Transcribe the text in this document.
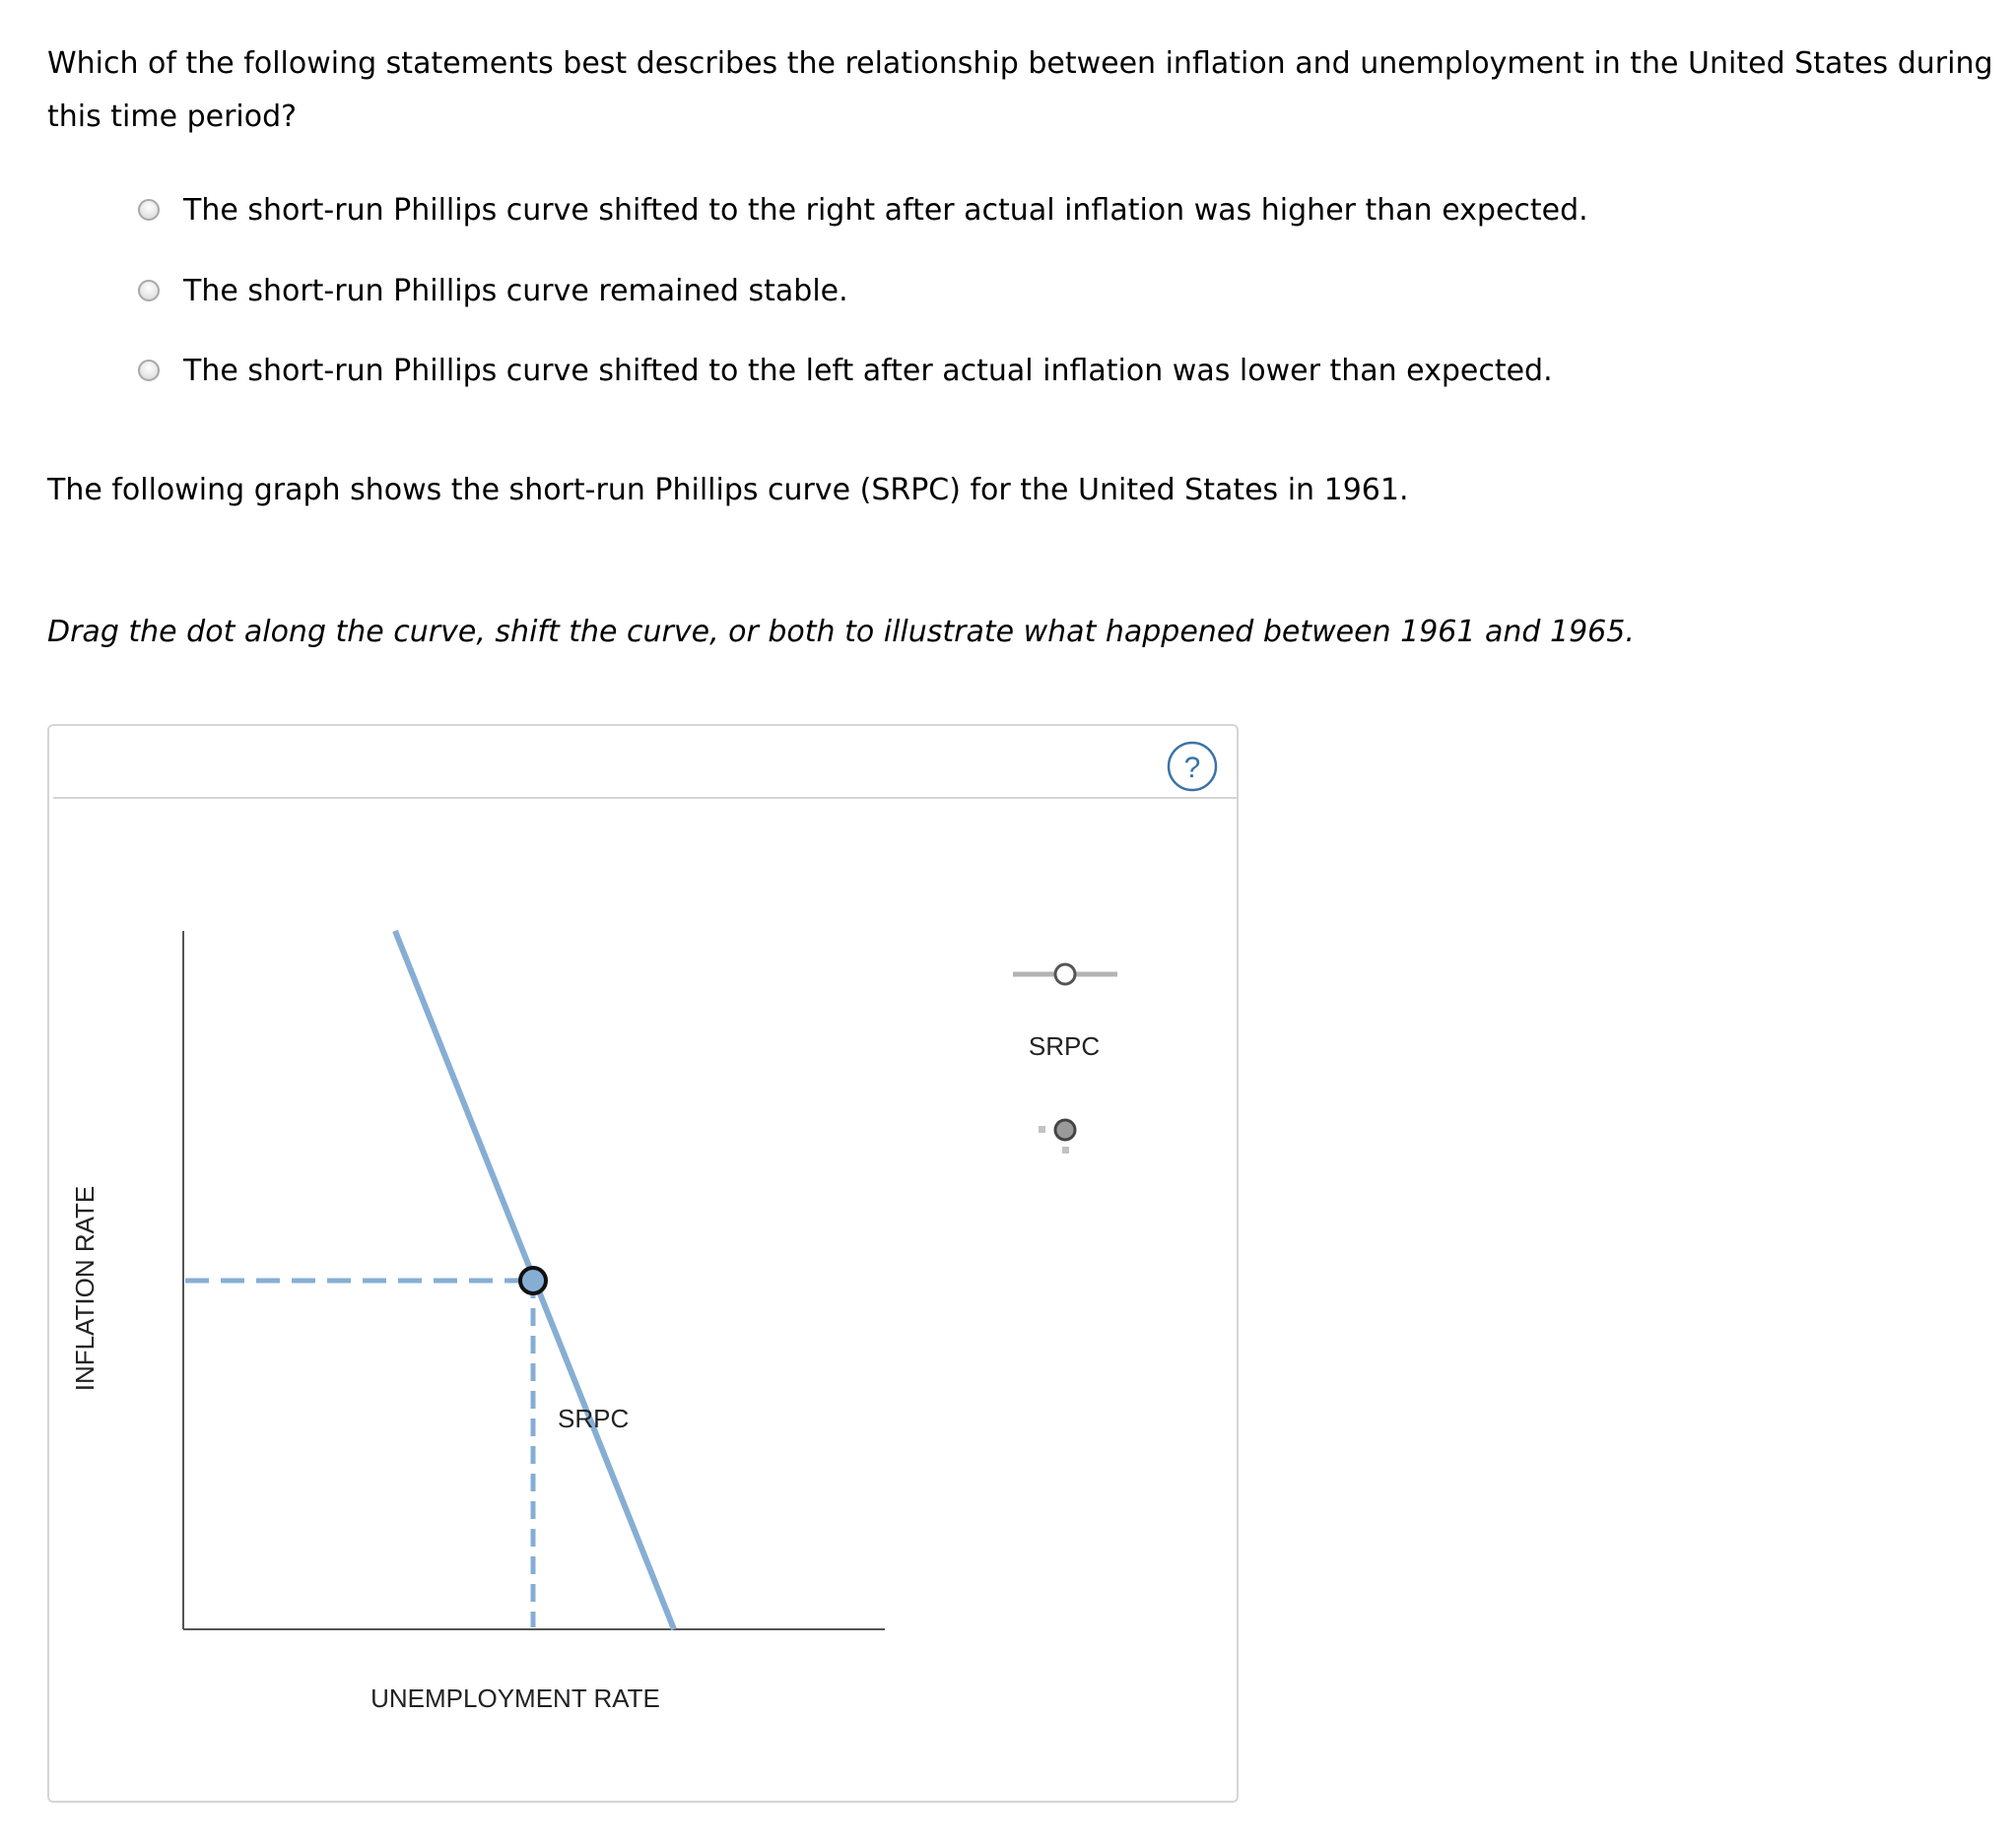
Which of the following statements best describes the relationship between inflation and unemployment in the United States during this time period?
The short-run Phillips curve shifted to the right after actual inflation was higher than expected.
The short-run Phillips curve remained stable.
The short-run Phillips curve shifted to the left after actual inflation was lower than expected.

The following graph shows the short-run Phillips curve (SRPC) for the United States in 1961.

Drag the dot along the curve, shift the curve, or both to illustrate what happened between 1961 and 1965.

?
SRPC
UNEMPLOYMENT RATE
INFLATION RATE
SRPC
